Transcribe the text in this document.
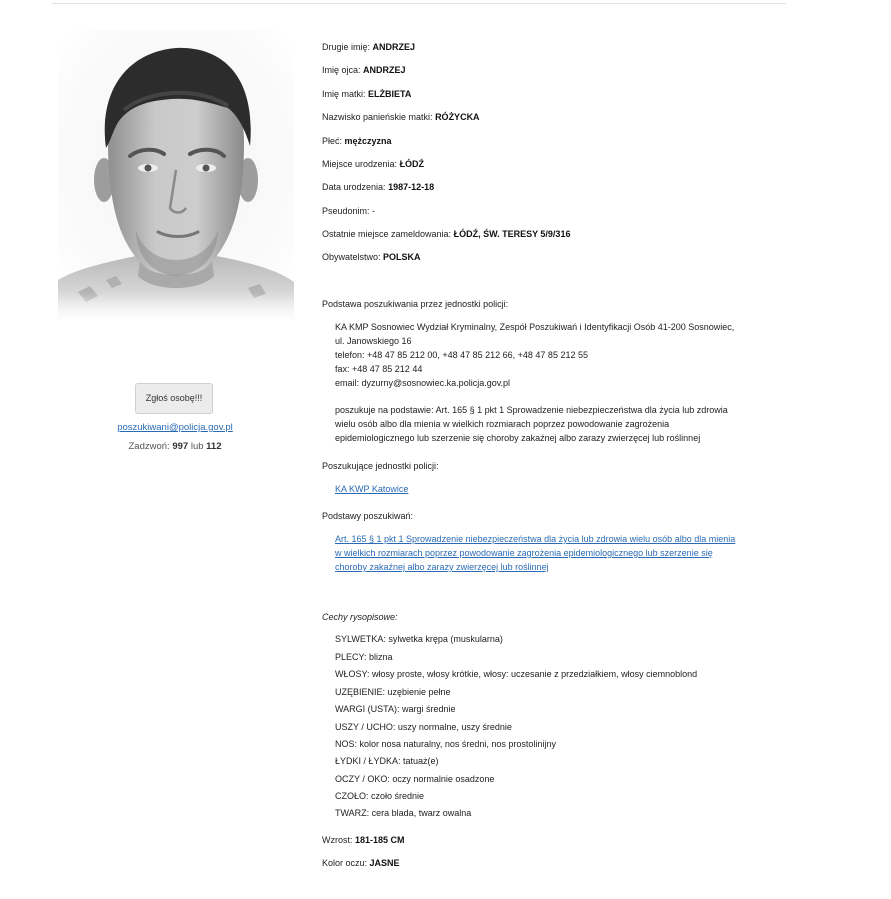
Zgłoś osobę!!!
poszukiwani@policja.gov.pl
Zadzwoń: 997 lub 112
Drugie imię: ANDRZEJ
Imię ojca: ANDRZEJ
Imię matki: ELŻBIETA
Nazwisko panieńskie matki: RÓŻYCKA
Płeć: mężczyzna
Miejsce urodzenia: ŁÓDŹ
Data urodzenia: 1987-12-18
Pseudonim: -
Ostatnie miejsce zameldowania: ŁÓDŹ, ŚW. TERESY 5/9/316
Obywatelstwo: POLSKA
Podstawa poszukiwania przez jednostki policji:
KA KMP Sosnowiec Wydział Kryminalny, Zespół Poszukiwań i Identyfikacji Osób 41-200 Sosnowiec,
ul. Janowskiego 16
telefon: +48 47 85 212 00, +48 47 85 212 66, +48 47 85 212 55
fax: +48 47 85 212 44
email: dyzurny@sosnowiec.ka.policja.gov.pl
poszukuje na podstawie: Art. 165 § 1 pkt 1 Sprowadzenie niebezpieczeństwa dla życia lub zdrowia
wielu osób albo dla mienia w wielkich rozmiarach poprzez powodowanie zagrożenia
epidemiologicznego lub szerzenie się choroby zakaźnej albo zarazy zwierzęcej lub roślinnej
Poszukujące jednostki policji:
KA KWP Katowice
Podstawy poszukiwań:
Art. 165 § 1 pkt 1 Sprowadzenie niebezpieczeństwa dla życia lub zdrowia wielu osób albo dla mienia
w wielkich rozmiarach poprzez powodowanie zagrożenia epidemiologicznego lub szerzenie się
choroby zakaźnej albo zarazy zwierzęcej lub roślinnej
Cechy rysopisowe:
SYLWETKA: sylwetka krępa (muskularna)
PLECY: blizna
WŁOSY: włosy proste, włosy krótkie, włosy: uczesanie z przedziałkiem, włosy ciemnoblond
UZĘBIENIE: uzębienie pełne
WARGI (USTA): wargi średnie
USZY / UCHO: uszy normalne, uszy średnie
NOS: kolor nosa naturalny, nos średni, nos prostolinijny
ŁYDKI / ŁYDKA: tatuaż(e)
OCZY / OKO: oczy normalnie osadzone
CZOŁO: czoło średnie
TWARZ: cera blada, twarz owalna
Wzrost: 181-185 CM
Kolor oczu: JASNE
